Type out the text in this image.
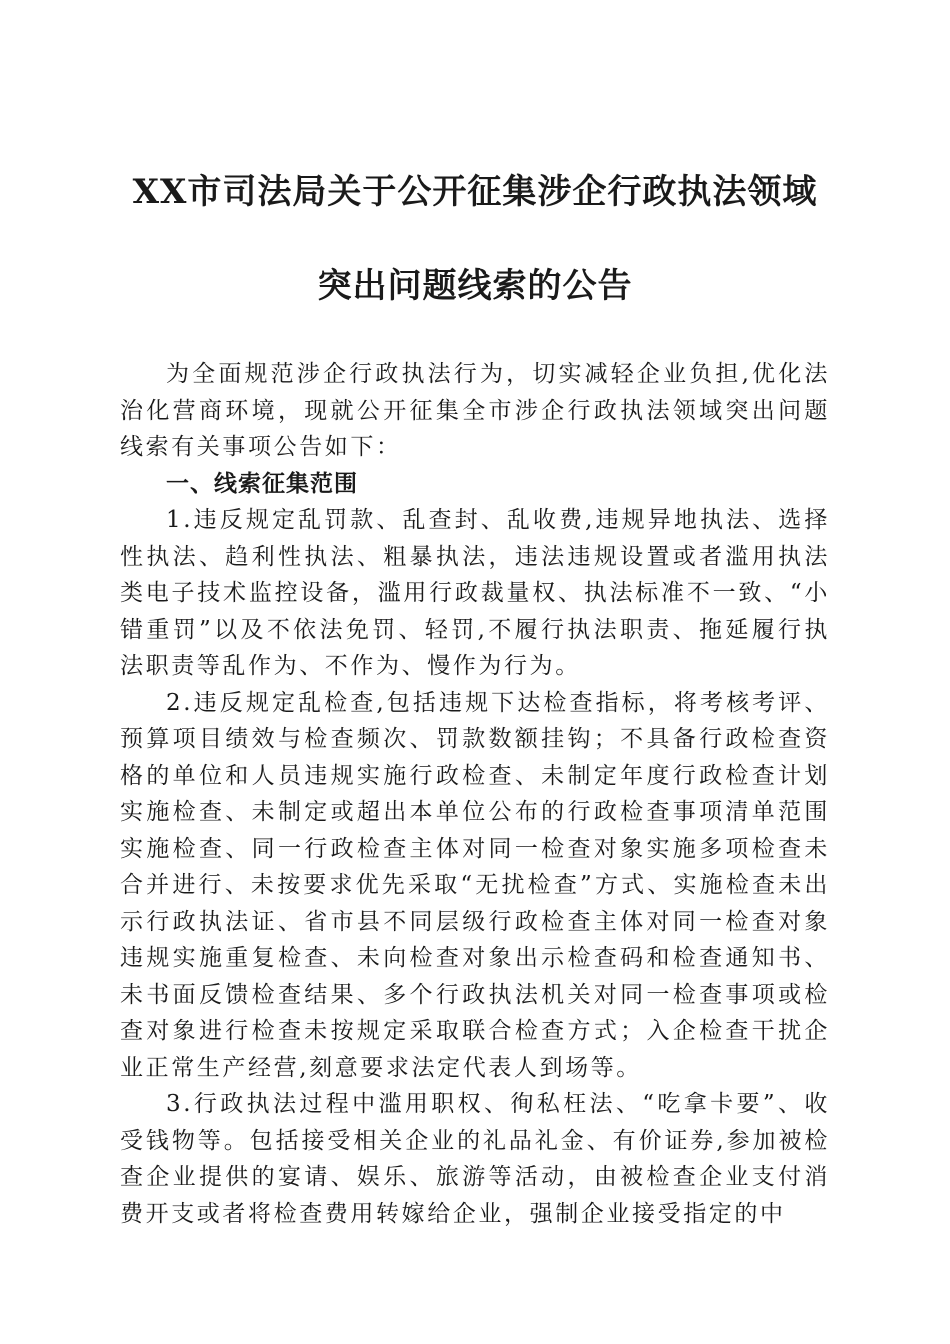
XX市司法局关于公开征集涉企行政执法领域
突出问题线索的公告

为全面规范涉企行政执法行为，切实减轻企业负担,优化法治化营商环境，现就公开征集全市涉企行政执法领域突出问题线索有关事项公告如下：

一、线索征集范围

1.违反规定乱罚款、乱查封、乱收费,违规异地执法、选择性执法、趋利性执法、粗暴执法，违法违规设置或者滥用执法类电子技术监控设备，滥用行政裁量权、执法标准不一致、“小错重罚”以及不依法免罚、轻罚,不履行执法职责、拖延履行执法职责等乱作为、不作为、慢作为行为。

2.违反规定乱检查,包括违规下达检查指标，将考核考评、预算项目绩效与检查频次、罚款数额挂钩；不具备行政检查资格的单位和人员违规实施行政检查、未制定年度行政检查计划实施检查、未制定或超出本单位公布的行政检查事项清单范围实施检查、同一行政检查主体对同一检查对象实施多项检查未合并进行、未按要求优先采取“无扰检查”方式、实施检查未出示行政执法证、省市县不同层级行政检查主体对同一检查对象违规实施重复检查、未向检查对象出示检查码和检查通知书、未书面反馈检查结果、多个行政执法机关对同一检查事项或检查对象进行检查未按规定采取联合检查方式；入企检查干扰企业正常生产经营,刻意要求法定代表人到场等。

3.行政执法过程中滥用职权、徇私枉法、“吃拿卡要”、收受钱物等。包括接受相关企业的礼品礼金、有价证券,参加被检查企业提供的宴请、娱乐、旅游等活动，由被检查企业支付消费开支或者将检查费用转嫁给企业，强制企业接受指定的中
